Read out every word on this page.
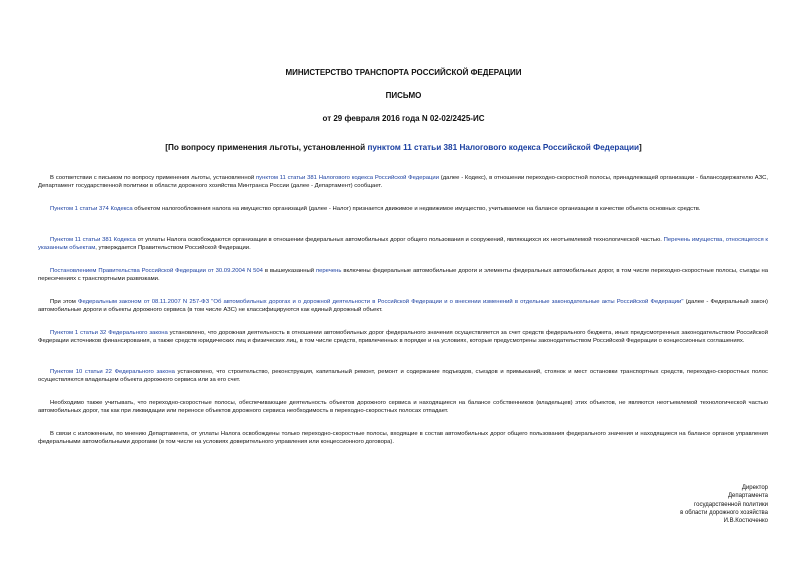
МИНИСТЕРСТВО ТРАНСПОРТА РОССИЙСКОЙ ФЕДЕРАЦИИ
ПИСЬМО
от 29 февраля 2016 года N 02-02/2425-ИС
[По вопросу применения льготы, установленной пунктом 11 статьи 381 Налогового кодекса Российской Федерации]
В соответствии с письмом по вопросу применения льготы, установленной пунктом 11 статьи 381 Налогового кодекса Российской Федерации (далее - Кодекс), в отношении переходно-скоростной полосы, принадлежащей организации - балансодержателю АЗС, Департамент государственной политики в области дорожного хозяйства Минтранса России (далее - Департамент) сообщает.
Пунктом 1 статьи 374 Кодекса объектом налогообложения налога на имущество организаций (далее - Налог) признается движимое и недвижимое имущество, учитываемое на балансе организации в качестве объекта основных средств.
Пунктом 11 статьи 381 Кодекса от уплаты Налога освобождаются организации в отношении федеральных автомобильных дорог общего пользования и сооружений, являющихся их неотъемлемой технологической частью. Перечень имущества, относящегося к указанным объектам, утверждается Правительством Российской Федерации.
Постановлением Правительства Российской Федерации от 30.09.2004 N 504 в вышеуказанный перечень включены федеральные автомобильные дороги и элементы федеральных автомобильных дорог, в том числе переходно-скоростные полосы, съезды на пересечениях с транспортными развязками.
При этом Федеральным законом от 08.11.2007 N 257-ФЗ "Об автомобильных дорогах и о дорожной деятельности в Российской Федерации и о внесении изменений в отдельные законодательные акты Российской Федерации" (далее - Федеральный закон) автомобильные дороги и объекты дорожного сервиса (в том числе АЗС) не классифицируются как единый дорожный объект.
Пунктом 1 статьи 32 Федерального закона установлено, что дорожная деятельность в отношении автомобильных дорог федерального значения осуществляется за счет средств федерального бюджета, иных предусмотренных законодательством Российской Федерации источников финансирования, а также средств юридических лиц и физических лиц, в том числе средств, привлеченных в порядке и на условиях, которые предусмотрены законодательством Российской Федерации о концессионных соглашениях.
Пунктом 10 статьи 22 Федерального закона установлено, что строительство, реконструкция, капитальный ремонт, ремонт и содержание подъездов, съездов и примыканий, стоянок и мест остановки транспортных средств, переходно-скоростных полос осуществляются владельцем объекта дорожного сервиса или за его счет.
Необходимо также учитывать, что переходно-скоростные полосы, обеспечивающие деятельность объектов дорожного сервиса и находящиеся на балансе собственников (владельцев) этих объектов, не являются неотъемлемой технологической частью автомобильных дорог, так как при ликвидации или переносе объектов дорожного сервиса необходимость в переходно-скоростных полосах отпадает.
В связи с изложенным, по мнению Департамента, от уплаты Налога освобождены только переходно-скоростные полосы, входящие в состав автомобильных дорог общего пользования федерального значения и находящиеся на балансе органов управления федеральными автомобильными дорогами (в том числе на условиях доверительного управления или концессионного договора).
Директор
Департамента
государственной политики
в области дорожного хозяйства
И.В.Костюченко
